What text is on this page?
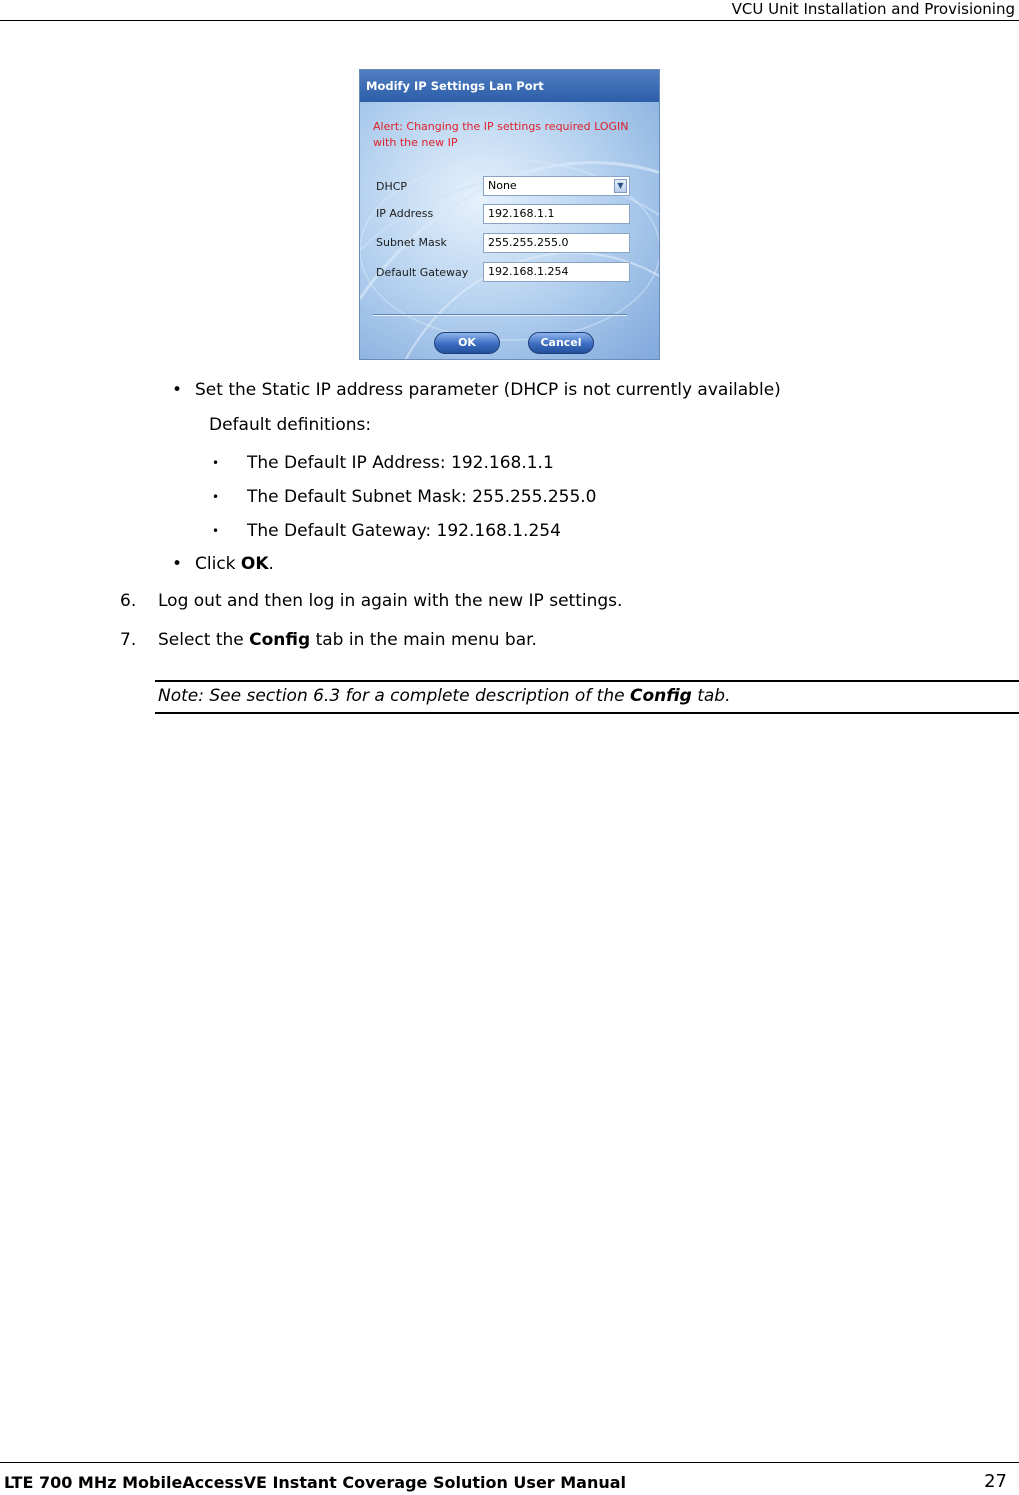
VCU Unit Installation and Provisioning
Modify IP Settings Lan Port
Alert: Changing the IP settings required LOGIN with the new IP
DHCP	None	▼
IP Address	192.168.1.1
Subnet Mask	255.255.255.0
Default Gateway	192.168.1.254
OK	Cancel
• Set the Static IP address parameter (DHCP is not currently available)
Default definitions:
• The Default IP Address: 192.168.1.1
• The Default Subnet Mask: 255.255.255.0
• The Default Gateway: 192.168.1.254
• Click OK.
6. Log out and then log in again with the new IP settings.
7. Select the Config tab in the main menu bar.
Note: See section 6.3 for a complete description of the Config tab.
LTE 700 MHz MobileAccessVE Instant Coverage Solution User Manual	27
